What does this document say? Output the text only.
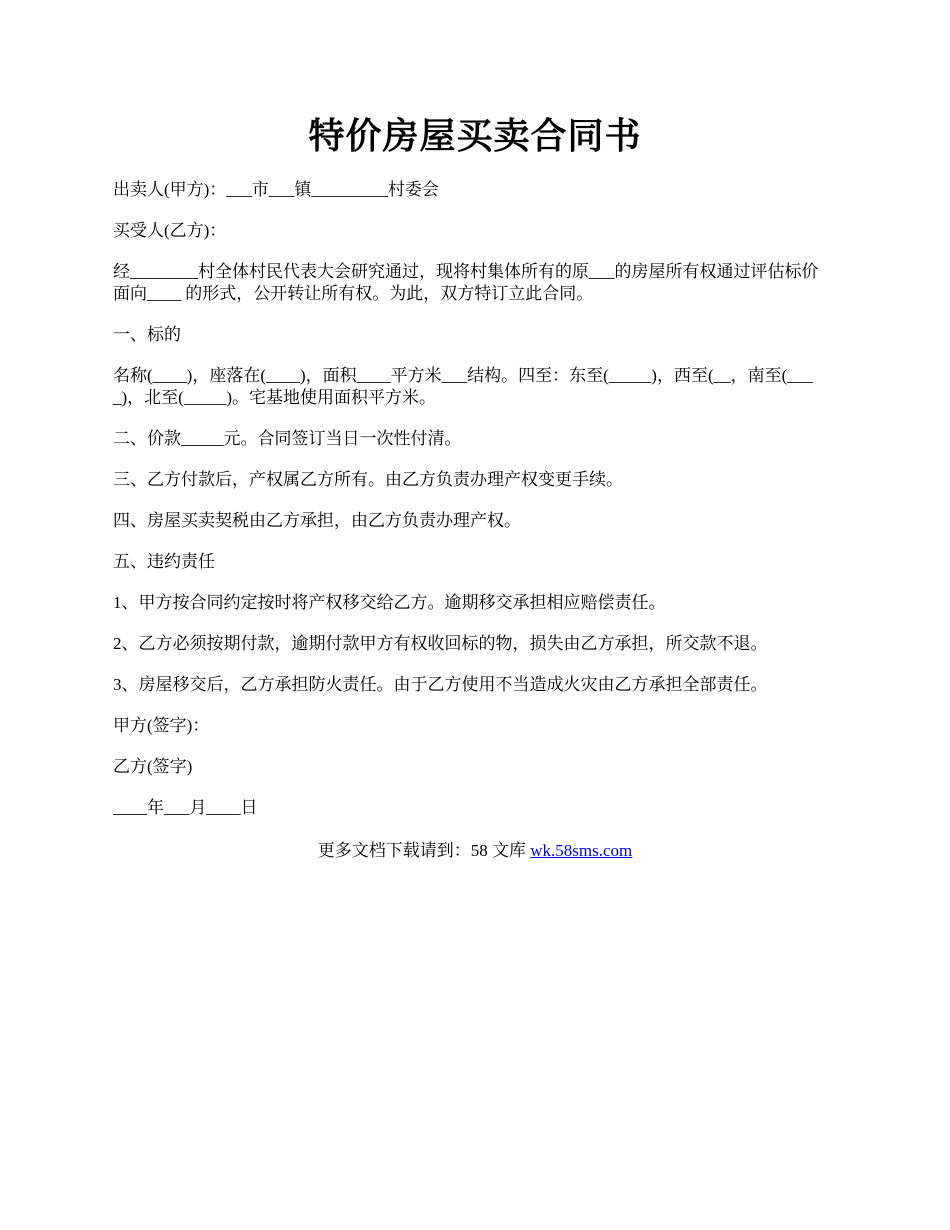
特价房屋买卖合同书

出卖人(甲方)：___市___镇_________村委会

买受人(乙方)：

经________村全体村民代表大会研究通过，现将村集体所有的原___的房屋所有权通过评估标价面向____ 的形式，公开转让所有权。为此，双方特订立此合同。

一、标的

名称(____)，座落在(____)，面积____平方米___结构。四至：东至(_____)，西至(__，南至(____)，北至(_____)。宅基地使用面积平方米。

二、价款_____元。合同签订当日一次性付清。

三、乙方付款后，产权属乙方所有。由乙方负责办理产权变更手续。

四、房屋买卖契税由乙方承担，由乙方负责办理产权。

五、违约责任

1、甲方按合同约定按时将产权移交给乙方。逾期移交承担相应赔偿责任。

2、乙方必须按期付款，逾期付款甲方有权收回标的物，损失由乙方承担，所交款不退。

3、房屋移交后，乙方承担防火责任。由于乙方使用不当造成火灾由乙方承担全部责任。

甲方(签字)：

乙方(签字)

____年___月____日

更多文档下载请到：58 文库 wk.58sms.com
